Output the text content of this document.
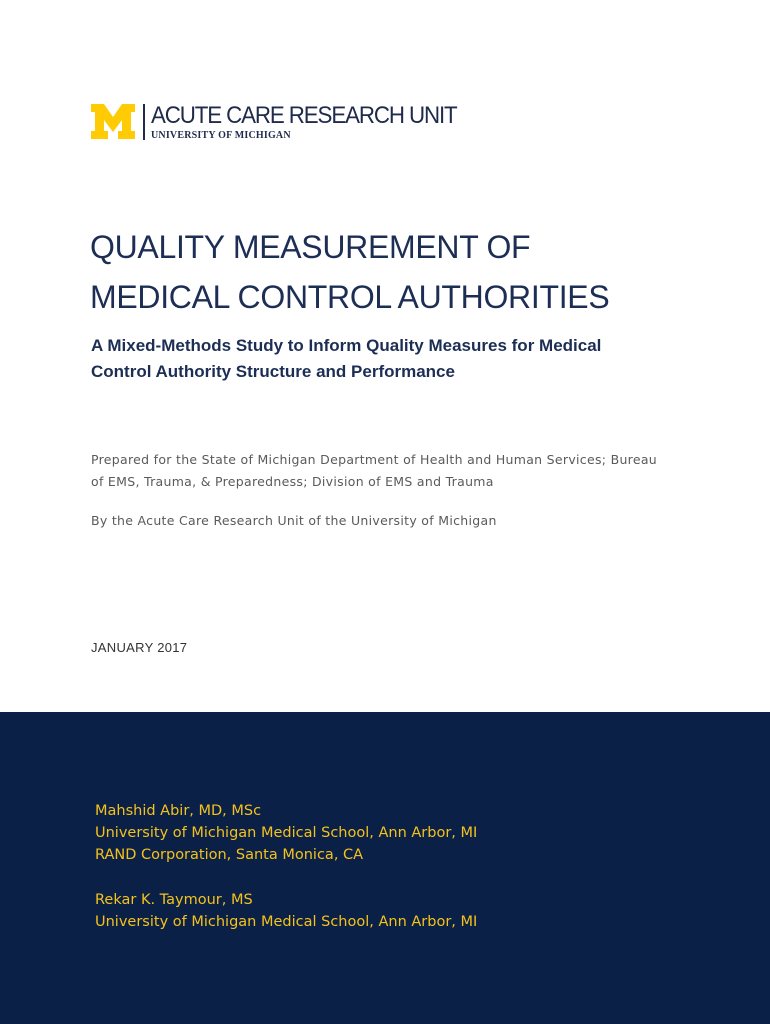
ACUTE CARE RESEARCH UNIT
UNIVERSITY OF MICHIGAN
QUALITY MEASUREMENT OF
MEDICAL CONTROL AUTHORITIES
A Mixed-Methods Study to Inform Quality Measures for Medical
Control Authority Structure and Performance
Prepared for the State of Michigan Department of Health and Human Services; Bureau
of EMS, Trauma, & Preparedness; Division of EMS and Trauma
By the Acute Care Research Unit of the University of Michigan
JANUARY 2017
Mahshid Abir, MD, MSc
University of Michigan Medical School, Ann Arbor, MI
RAND Corporation, Santa Monica, CA
Rekar K. Taymour, MS
University of Michigan Medical School, Ann Arbor, MI
